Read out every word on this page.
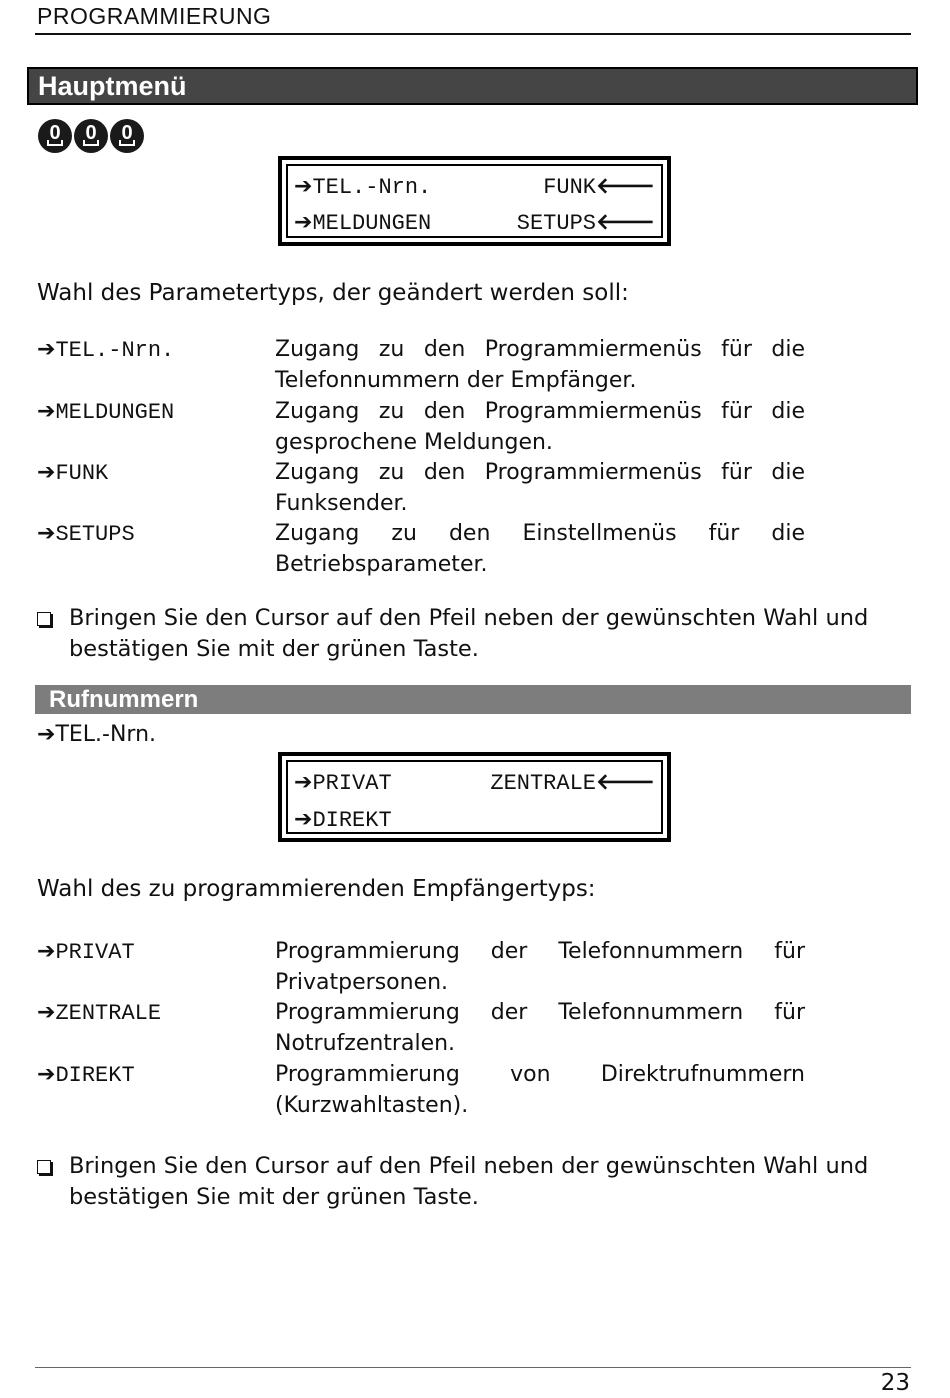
PROGRAMMIERUNG
Hauptmenü
0 0 0
➔TEL.-Nrn.	FUNK🡐
➔MELDUNGEN	SETUPS🡐
Wahl des Parametertyps, der geändert werden soll:
➔TEL.-Nrn.	Zugang zu den Programmiermenüs für die Telefonnummern der Empfänger.
➔MELDUNGEN	Zugang zu den Programmiermenüs für die gesprochene Meldungen.
➔FUNK	Zugang zu den Programmiermenüs für die Funksender.
➔SETUPS	Zugang zu den Einstellmenüs für die Betriebsparameter.
Bringen Sie den Cursor auf den Pfeil neben der gewünschten Wahl und bestätigen Sie mit der grünen Taste.
Rufnummern
➔TEL.-Nrn.
➔PRIVAT	ZENTRALE🡐
➔DIREKT
Wahl des zu programmierenden Empfängertyps:
➔PRIVAT	Programmierung der Telefonnummern für Privatpersonen.
➔ZENTRALE	Programmierung der Telefonnummern für Notrufzentralen.
➔DIREKT	Programmierung von Direktrufnummern (Kurzwahltasten).
Bringen Sie den Cursor auf den Pfeil neben der gewünschten Wahl und bestätigen Sie mit der grünen Taste.
23
